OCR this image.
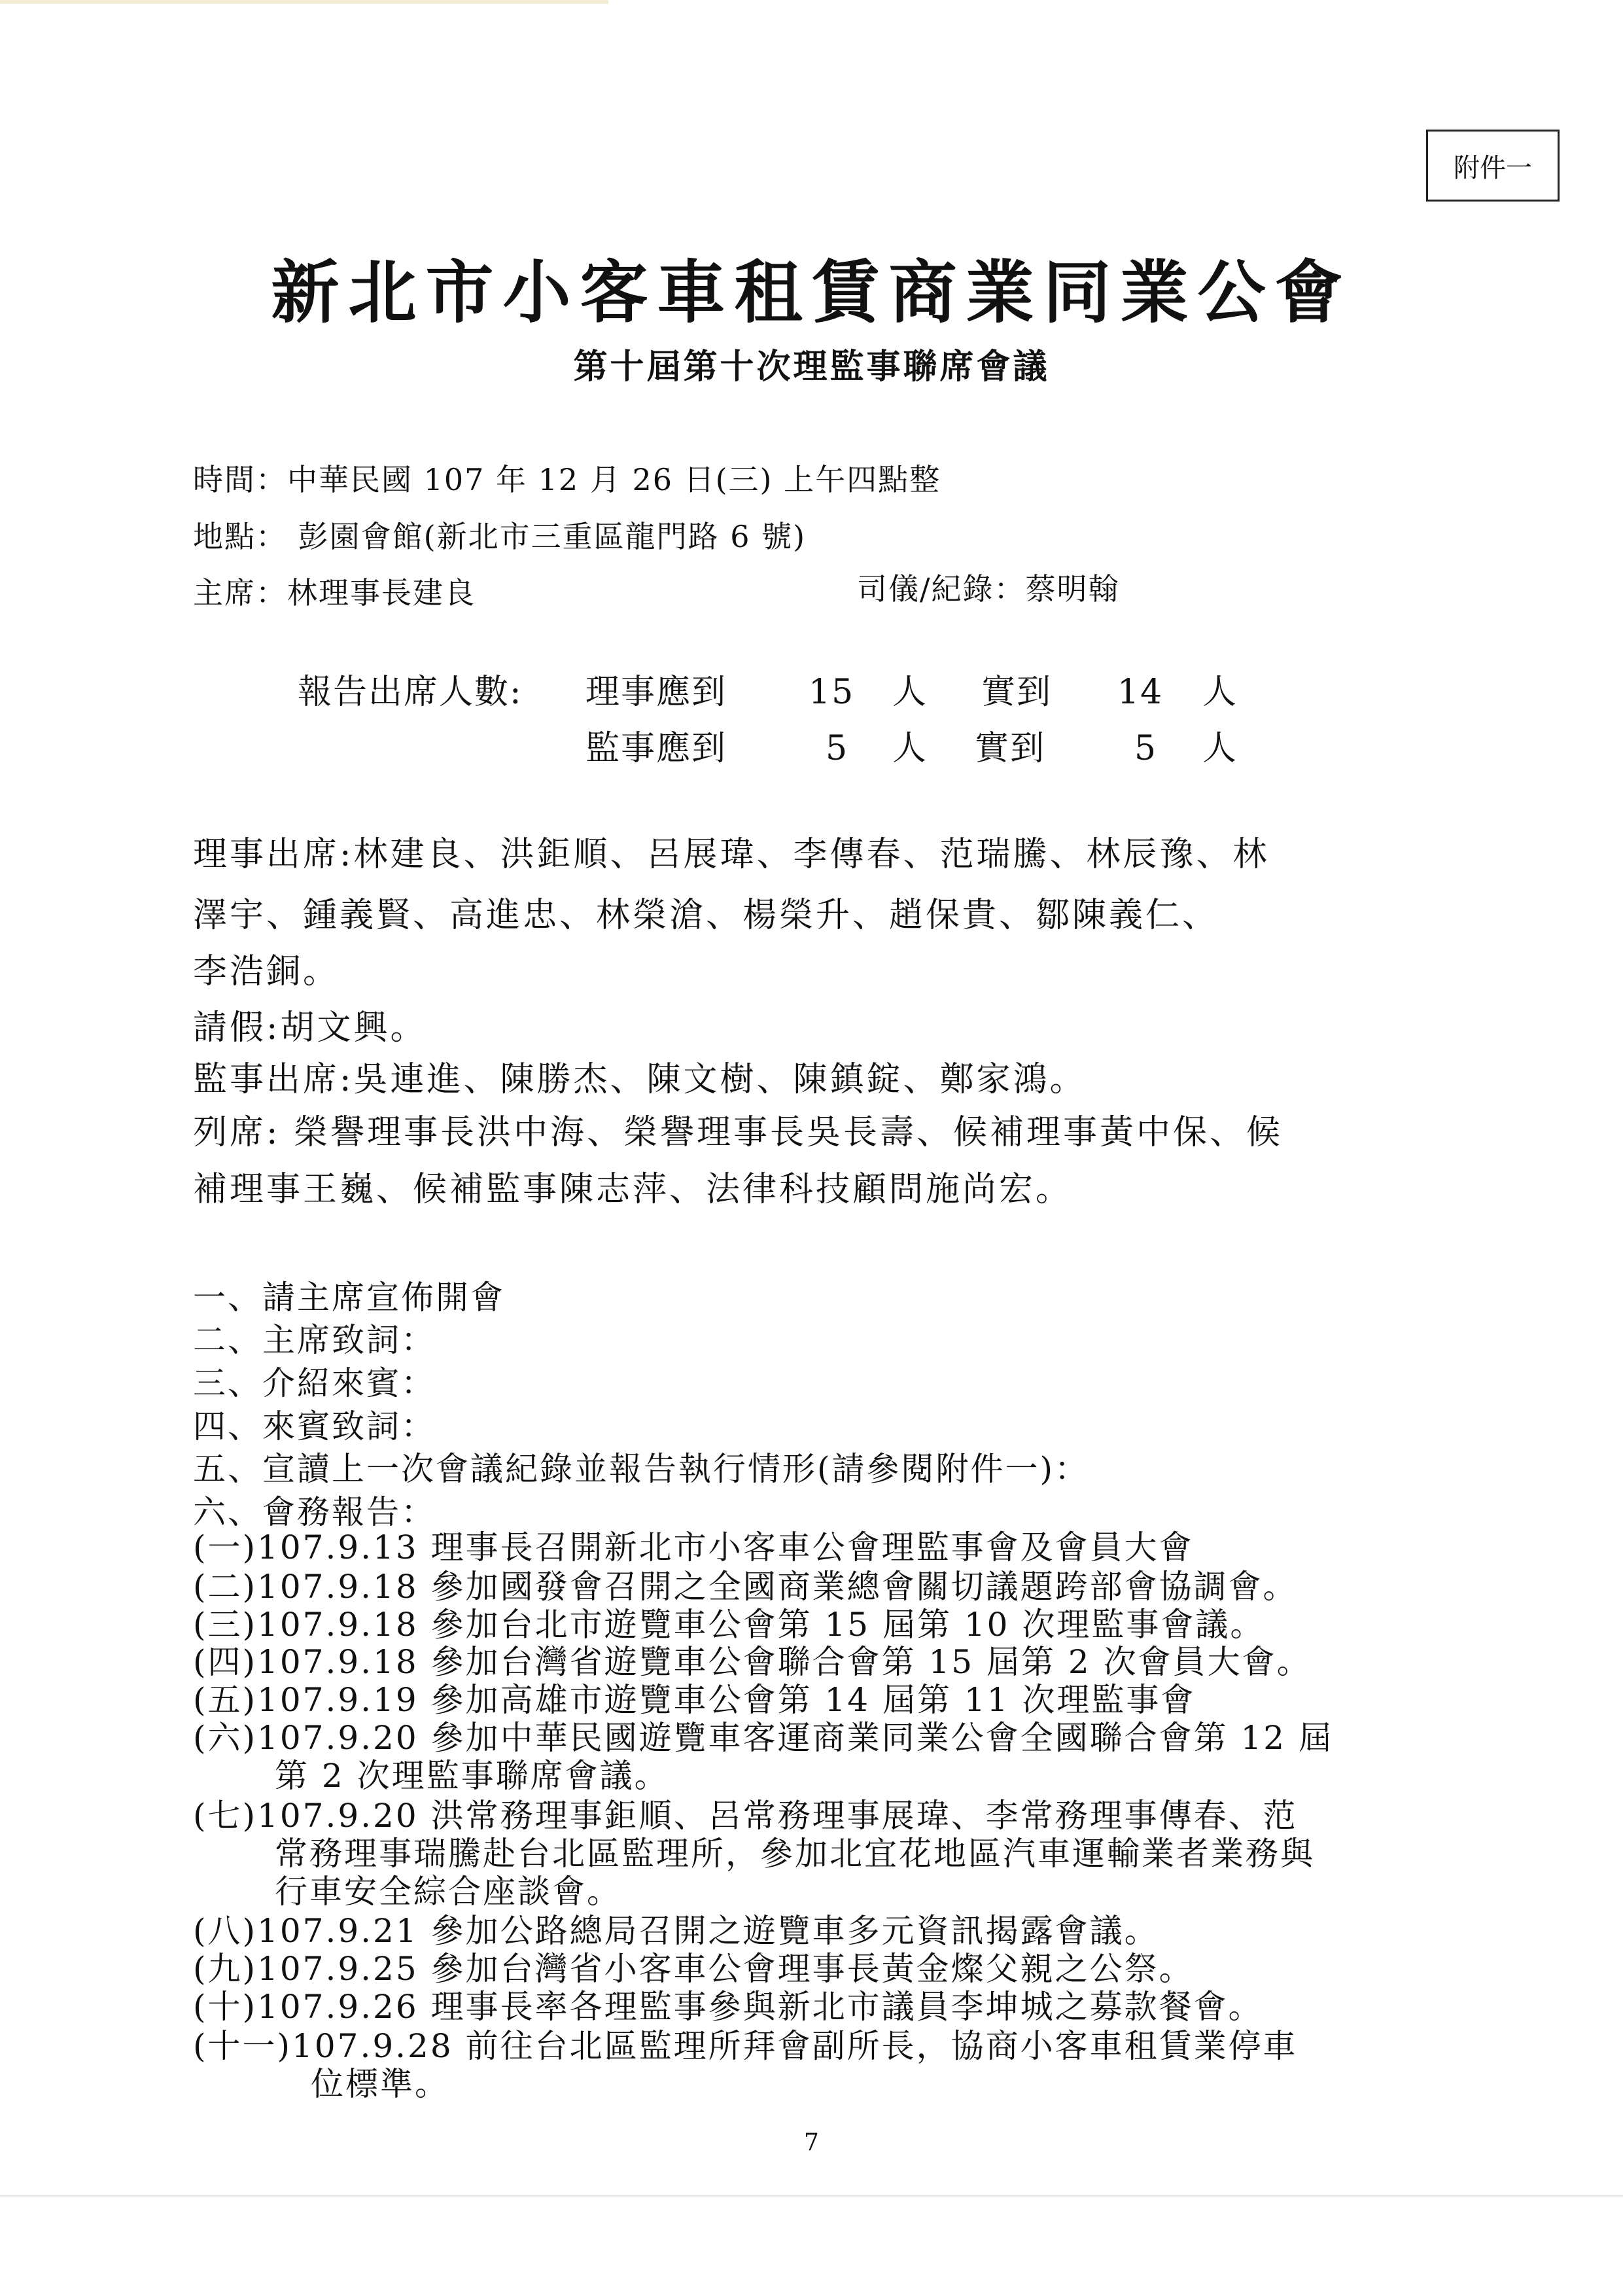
附件一
新北市小客車租賃商業同業公會
第十屆第十次理監事聯席會議
時間：中華民國 107 年 12 月 26 日(三) 上午四點整
地點： 彭園會館(新北市三重區龍門路 6 號)
主席：林理事長建良	司儀/紀錄：蔡明翰
報告出席人數: 理事應到 15 人 實到 14 人
監事應到	5 人 實到	5 人
理事出席:林建良、洪鉅順、呂展瑋、李傳春、范瑞騰、林辰豫、林
澤宇、鍾義賢、高進忠、林榮滄、楊榮升、趙保貴、鄒陳義仁、
李浩銅。
請假:胡文興。
監事出席:吳連進、陳勝杰、陳文樹、陳鎮錠、鄭家鴻。
列席: 榮譽理事長洪中海、榮譽理事長吳長壽、候補理事黃中保、候
補理事王巍、候補監事陳志萍、法律科技顧問施尚宏。
一、請主席宣佈開會
二、主席致詞：
三、介紹來賓：
四、來賓致詞：
五、宣讀上一次會議紀錄並報告執行情形(請參閱附件一)：
六、會務報告：
(一)107.9.13 理事長召開新北市小客車公會理監事會及會員大會
(二)107.9.18 參加國發會召開之全國商業總會關切議題跨部會協調會。
(三)107.9.18 參加台北市遊覽車公會第 15 屆第 10 次理監事會議。
(四)107.9.18 參加台灣省遊覽車公會聯合會第 15 屆第 2 次會員大會。
(五)107.9.19 參加高雄市遊覽車公會第 14 屆第 11 次理監事會
(六)107.9.20 參加中華民國遊覽車客運商業同業公會全國聯合會第 12 屆
第 2 次理監事聯席會議。
(七)107.9.20 洪常務理事鉅順、呂常務理事展瑋、李常務理事傳春、范
常務理事瑞騰赴台北區監理所，參加北宜花地區汽車運輸業者業務與
行車安全綜合座談會。
(八)107.9.21 參加公路總局召開之遊覽車多元資訊揭露會議。
(九)107.9.25 參加台灣省小客車公會理事長黃金燦父親之公祭。
(十)107.9.26 理事長率各理監事參與新北市議員李坤城之募款餐會。
(十一)107.9.28 前往台北區監理所拜會副所長，協商小客車租賃業停車
位標準。
7
